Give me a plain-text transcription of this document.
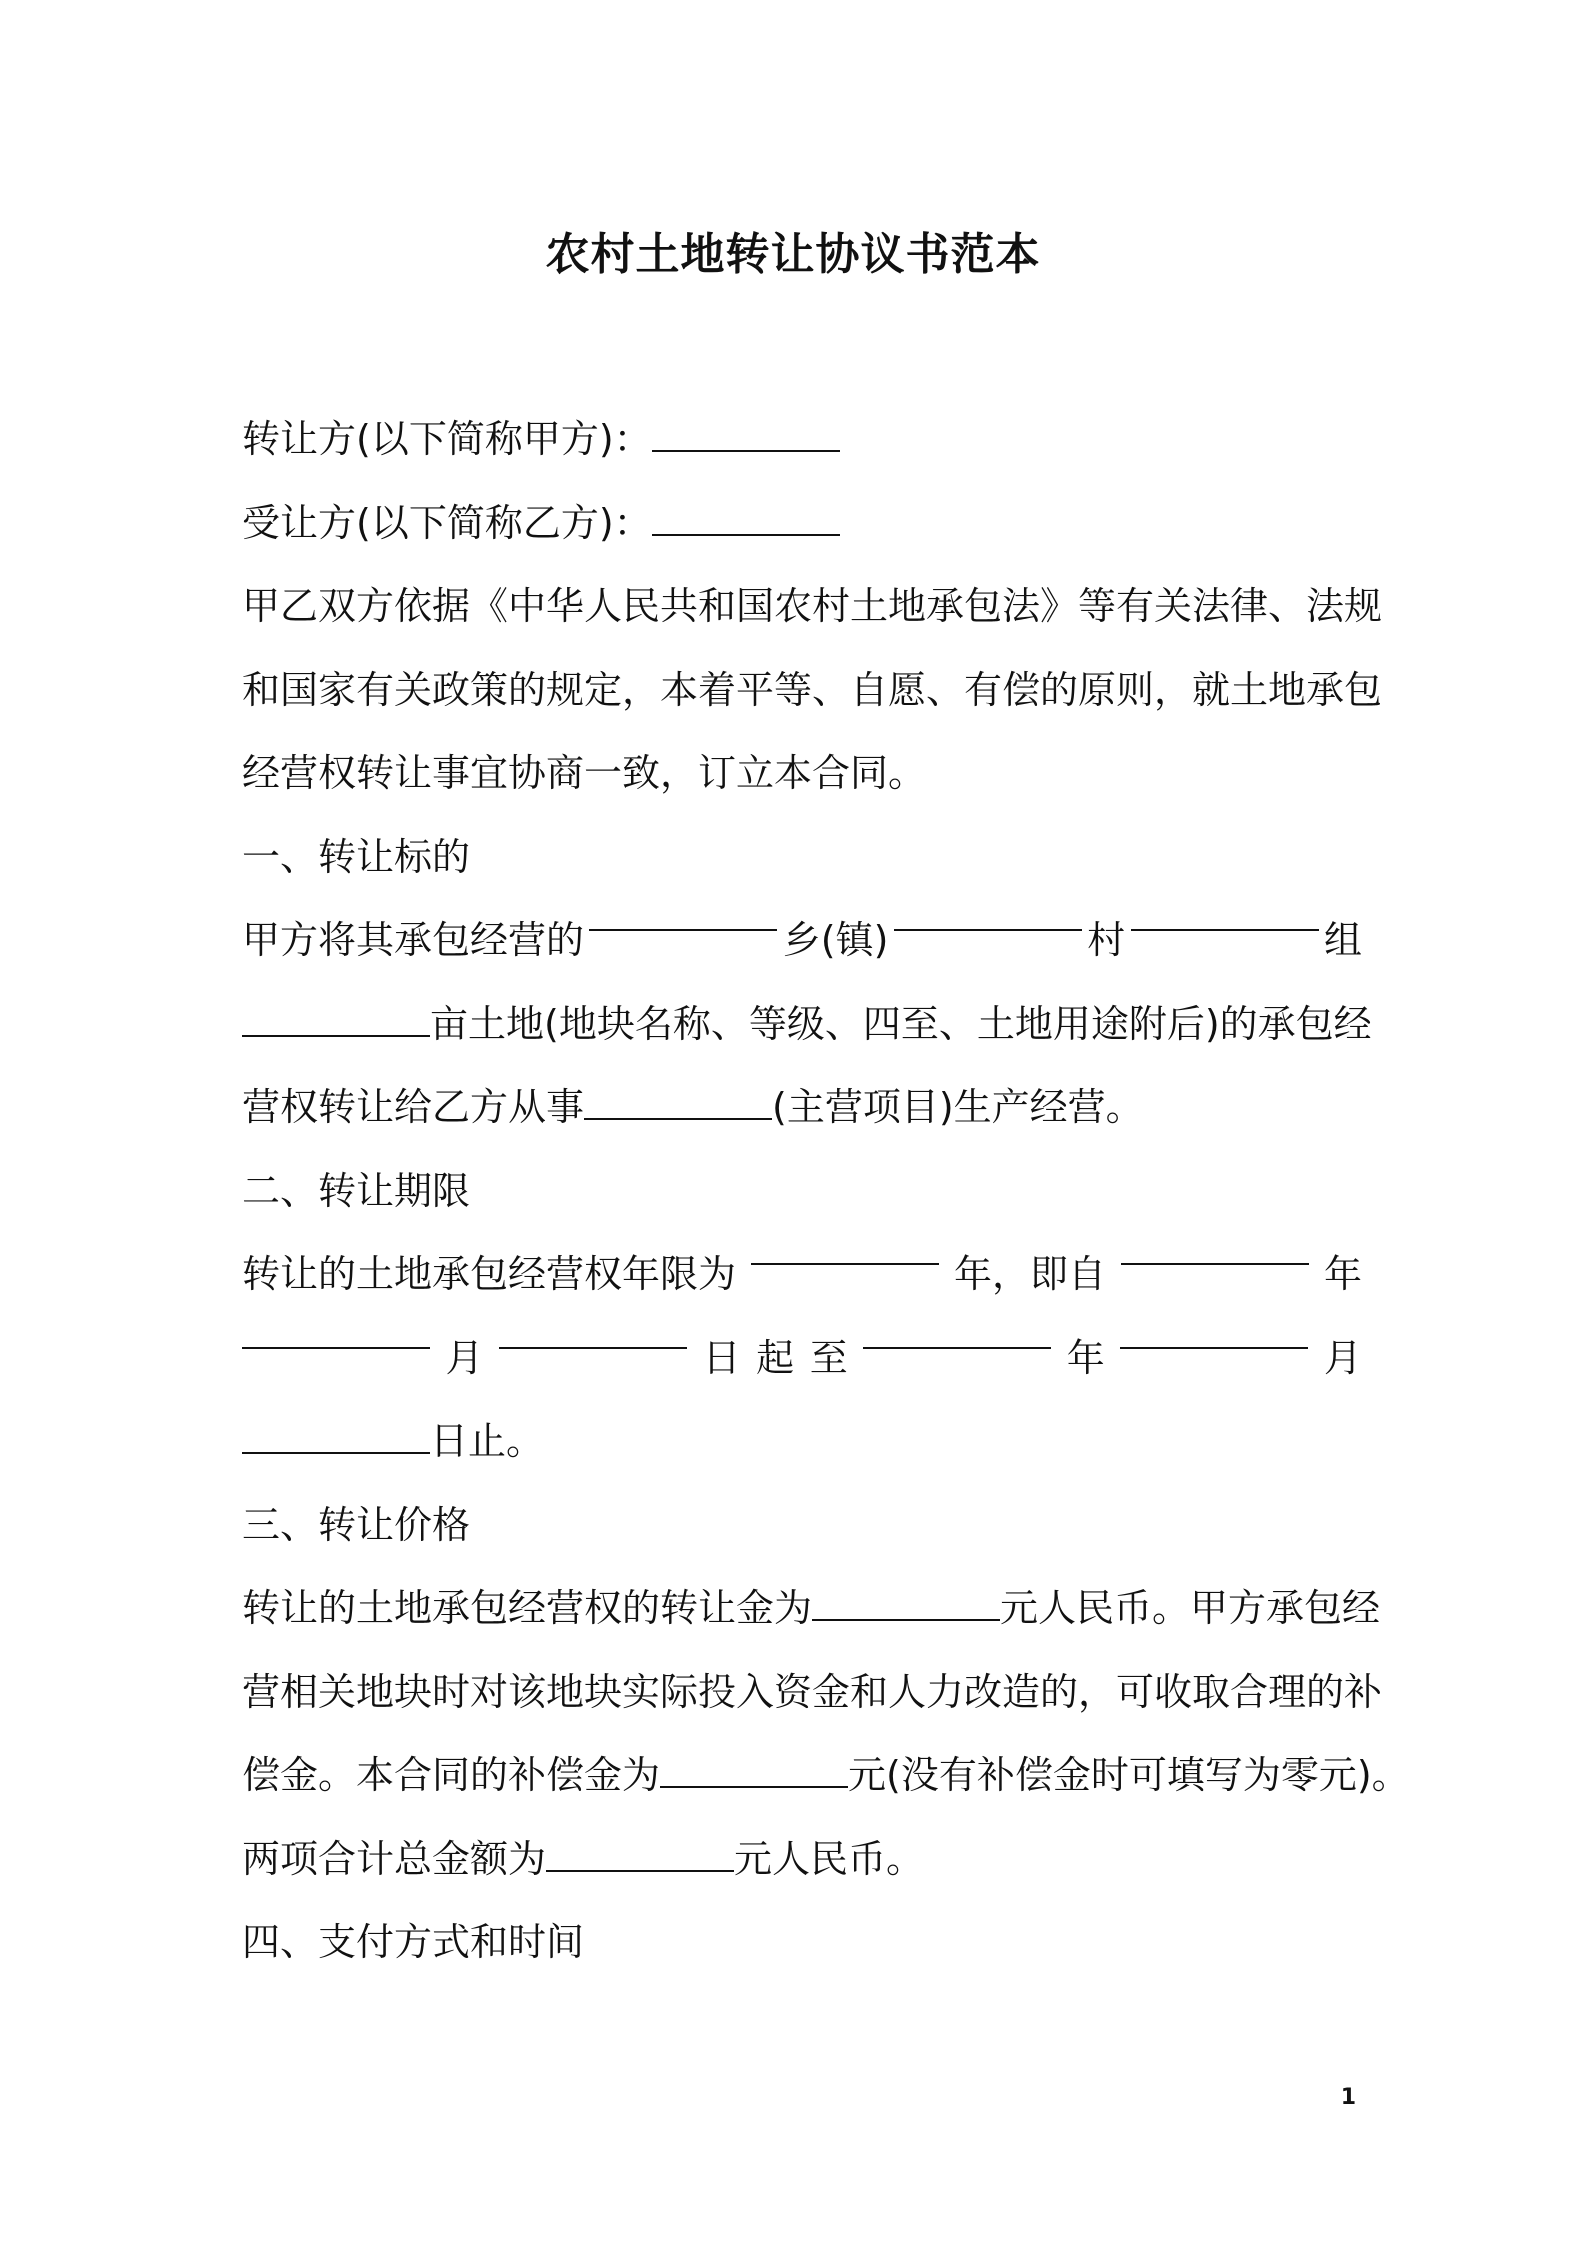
农村土地转让协议书范本
转让方(以下简称甲方)：
受让方(以下简称乙方)：
甲乙双方依据《中华人民共和国农村土地承包法》等有关法律、法规
和国家有关政策的规定，本着平等、自愿、有偿的原则，就土地承包
经营权转让事宜协商一致，订立本合同。
一、转让标的
甲方将其承包经营的	乡(镇)	村	组
亩土地(地块名称、等级、四至、土地用途附后)的承包经
营权转让给乙方从事	(主营项目)生产经营。
二、转让期限
转让的土地承包经营权年限为	年，即自	年
月	日 起 至	年	月
日止。
三、转让价格
转让的土地承包经营权的转让金为	元人民币。甲方承包经
营相关地块时对该地块实际投入资金和人力改造的，可收取合理的补
偿金。本合同的补偿金为	元(没有补偿金时可填写为零元)。
两项合计总金额为	元人民币。
四、支付方式和时间
1
